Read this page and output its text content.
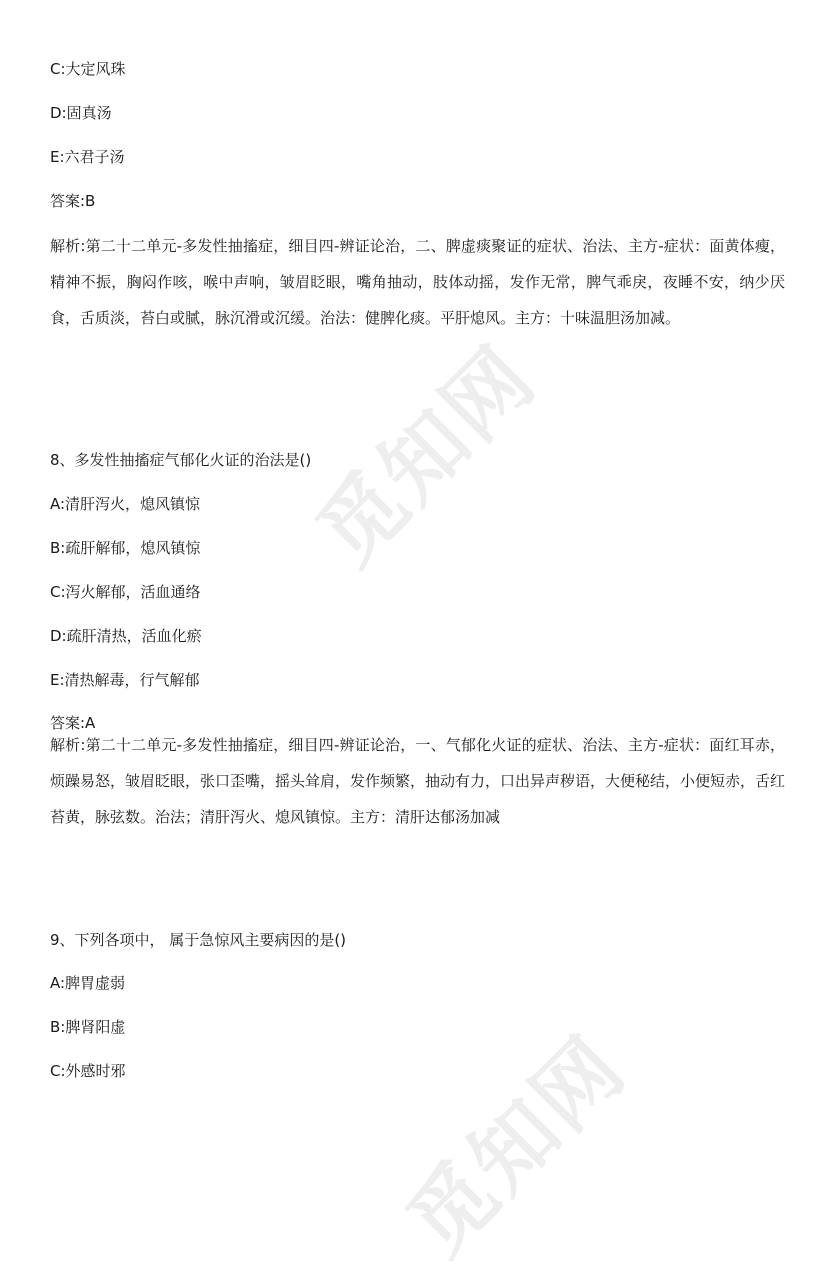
觅知网
觅知网
C:大定风珠
D:固真汤
E:六君子汤
答案:B
解析:第二十二单元-多发性抽搐症，细目四-辨证论治，二、脾虚痰聚证的症状、治法、主方-症状：面黄体瘦，精神不振，胸闷作咳，喉中声响，皱眉眨眼，嘴角抽动，肢体动摇，发作无常，脾气乖戾，夜睡不安，纳少厌食，舌质淡，苔白或腻，脉沉滑或沉缓。治法：健脾化痰。平肝熄风。主方：十味温胆汤加减。
8、多发性抽搐症气郁化火证的治法是()
A:清肝泻火，熄风镇惊
B:疏肝解郁，熄风镇惊
C:泻火解郁，活血通络
D:疏肝清热，活血化瘀
E:清热解毒，行气解郁
答案:A
解析:第二十二单元-多发性抽搐症，细目四-辨证论治，一、气郁化火证的症状、治法、主方-症状：面红耳赤，烦躁易怒，皱眉眨眼，张口歪嘴，摇头耸肩，发作频繁，抽动有力，口出异声秽语，大便秘结，小便短赤，舌红苔黄，脉弦数。治法；清肝泻火、熄风镇惊。主方：清肝达郁汤加减
9、下列各项中， 属于急惊风主要病因的是()
A:脾胃虚弱
B:脾肾阳虚
C:外感时邪
